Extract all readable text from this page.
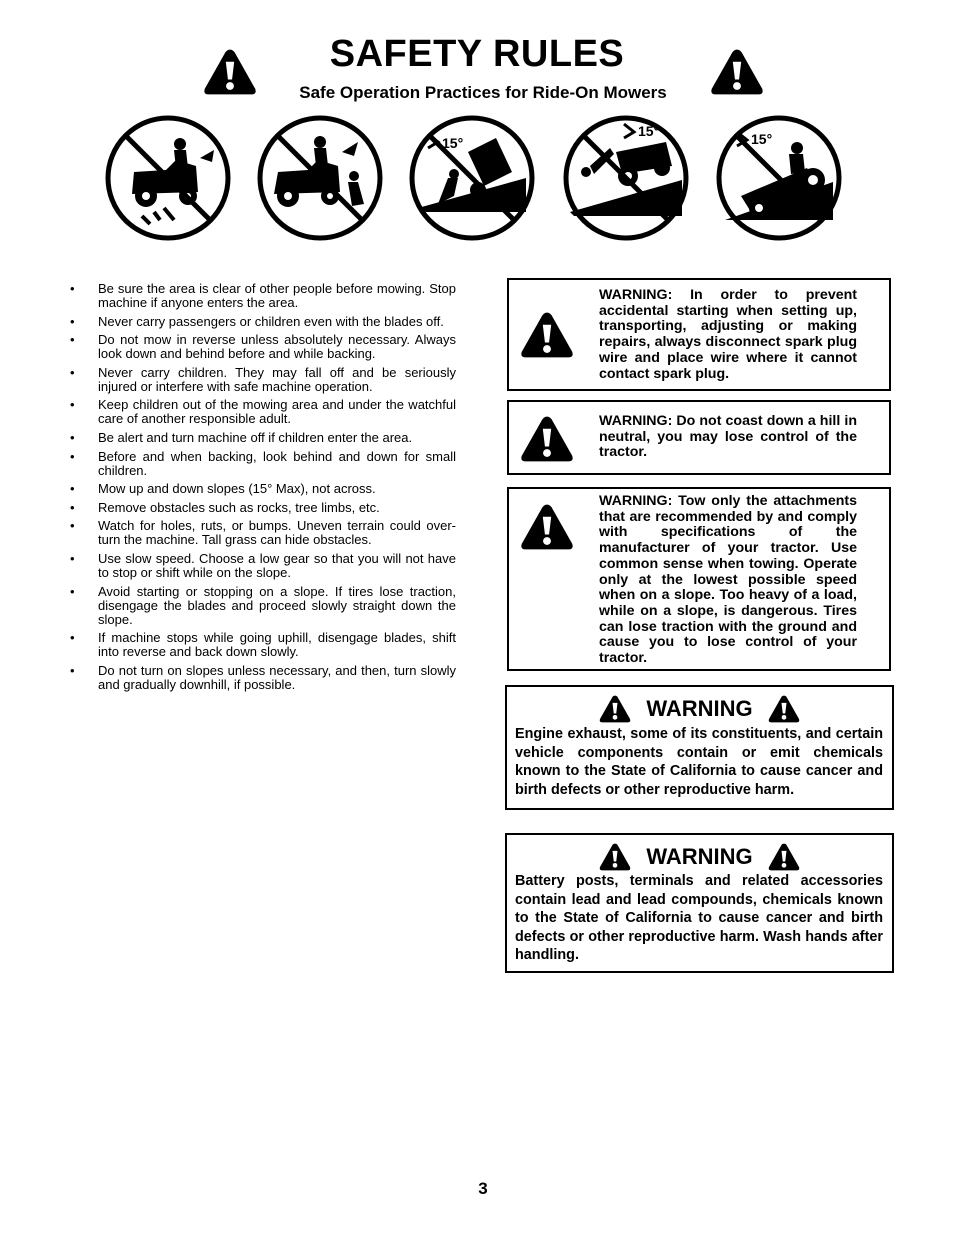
SAFETY RULES
Safe Operation Practices for Ride-On Mowers
15°
15°	15°
• Be sure the area is clear of other people before mowing. Stop machine if anyone enters the area.
• Never carry passengers or children even with the blades off.
• Do not mow in reverse unless absolutely necessary. Always look down and behind before and while backing.
• Never carry children. They may fall off and be seriously injured or interfere with safe machine operation.
• Keep children out of the mowing area and under the watchful care of another responsible adult.
• Be alert and turn machine off if children enter the area.
• Before and when backing, look behind and down for small children.
• Mow up and down slopes (15° Max), not across.
• Remove obstacles such as rocks, tree limbs, etc.
• Watch for holes, ruts, or bumps. Uneven terrain could over-turn the machine. Tall grass can hide obstacles.
• Use slow speed. Choose a low gear so that you will not have to stop or shift while on the slope.
• Avoid starting or stopping on a slope. If tires lose traction, disengage the blades and proceed slowly straight down the slope.
• If machine stops while going uphill, disengage blades, shift into reverse and back down slowly.
• Do not turn on slopes unless necessary, and then, turn slowly and gradually downhill, if possible.
WARNING: In order to prevent accidental starting when setting up, transporting, adjusting or making repairs, always disconnect spark plug wire and place wire where it cannot contact spark plug.
WARNING: Do not coast down a hill in neutral, you may lose control of the tractor.
WARNING: Tow only the attachments that are recommended by and comply with specifications of the manufacturer of your tractor. Use common sense when towing. Operate only at the lowest possible speed when on a slope. Too heavy of a load, while on a slope, is dangerous. Tires can lose traction with the ground and cause you to lose control of your tractor.
WARNING
Engine exhaust, some of its constituents, and certain vehicle components contain or emit chemicals known to the State of California to cause cancer and birth defects or other reproductive harm.
WARNING
Battery posts, terminals and related accessories contain lead and lead compounds, chemicals known to the State of California to cause cancer and birth defects or other reproductive harm. Wash hands after handling.
3
